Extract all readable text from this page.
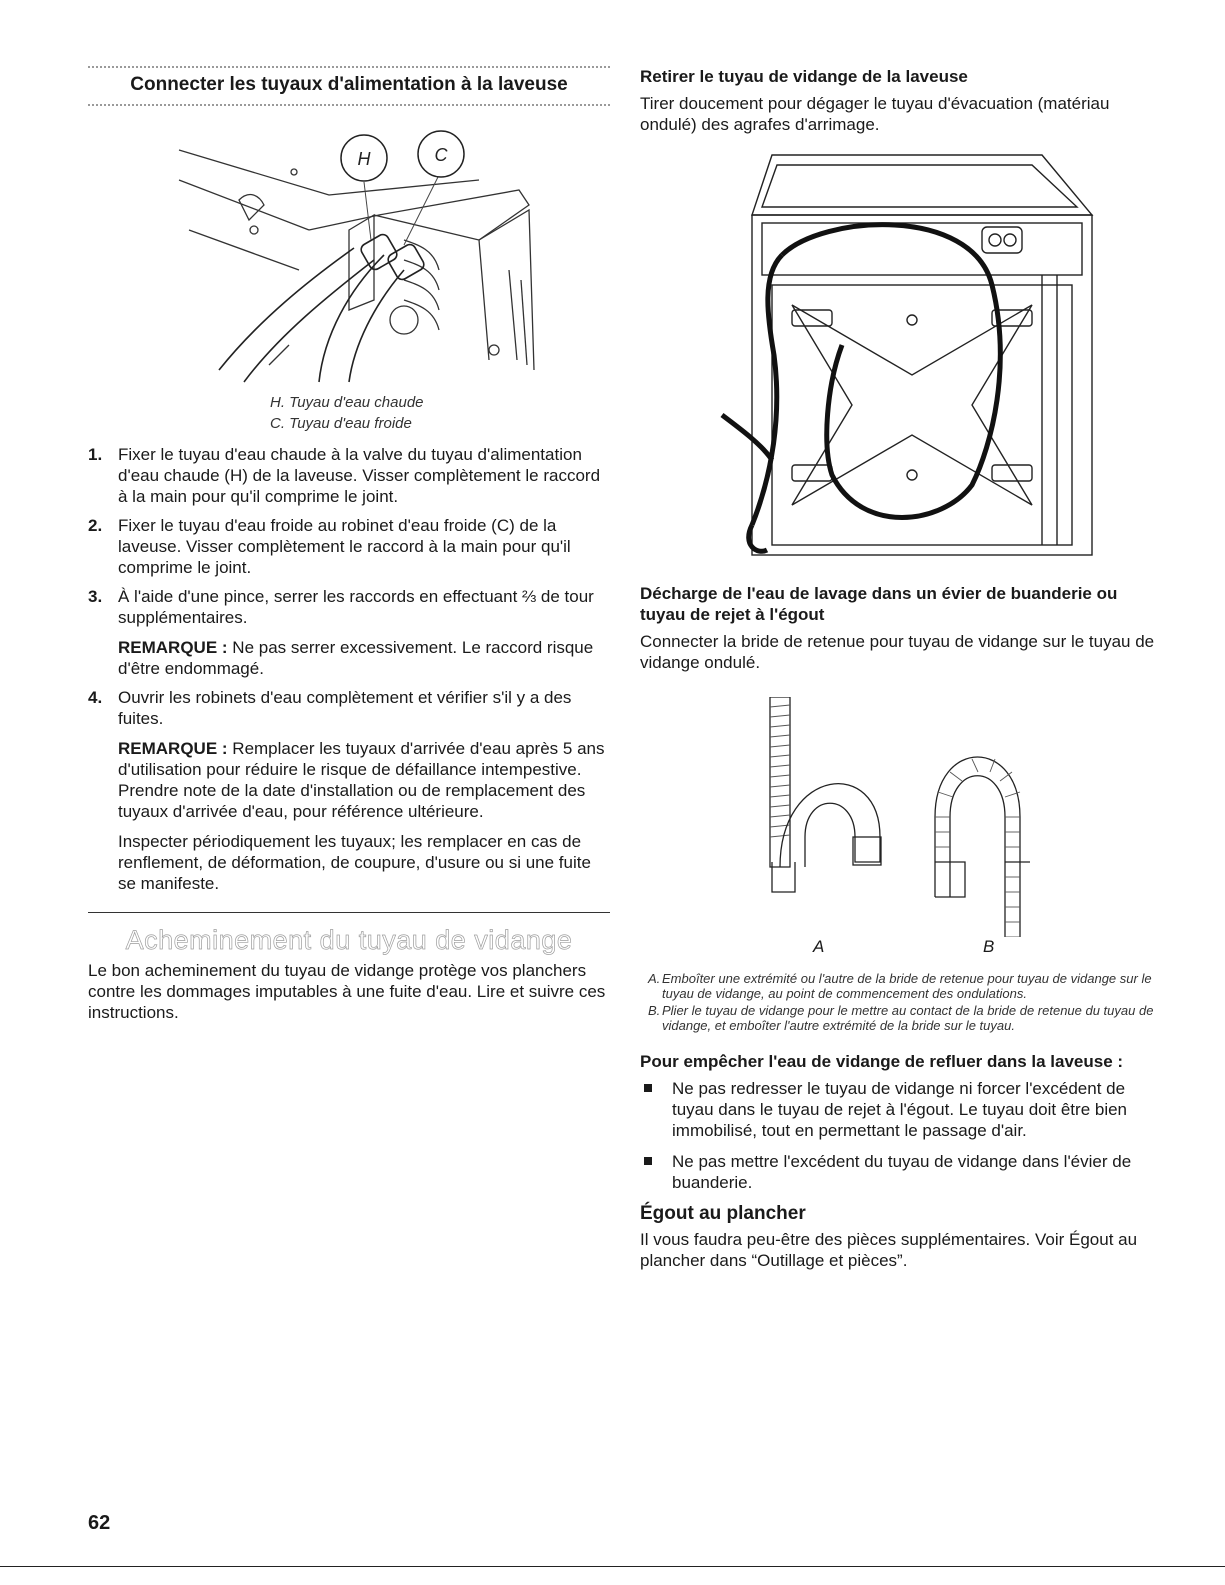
Connecter les tuyaux d'alimentation à la laveuse
H	C
H. Tuyau d'eau chaude
C. Tuyau d'eau froide
1. Fixer le tuyau d'eau chaude à la valve du tuyau d'alimentation d'eau chaude (H) de la laveuse. Visser complètement le raccord à la main pour qu'il comprime le joint.
2. Fixer le tuyau d'eau froide au robinet d'eau froide (C) de la laveuse. Visser complètement le raccord à la main pour qu'il comprime le joint.
3. À l'aide d'une pince, serrer les raccords en effectuant ⅔ de tour supplémentaires.
REMARQUE : Ne pas serrer excessivement. Le raccord risque d'être endommagé.
4. Ouvrir les robinets d'eau complètement et vérifier s'il y a des fuites.
REMARQUE : Remplacer les tuyaux d'arrivée d'eau après 5 ans d'utilisation pour réduire le risque de défaillance intempestive. Prendre note de la date d'installation ou de remplacement des tuyaux d'arrivée d'eau, pour référence ultérieure.
Inspecter périodiquement les tuyaux; les remplacer en cas de renflement, de déformation, de coupure, d'usure ou si une fuite se manifeste.
Acheminement du tuyau de vidange
Le bon acheminement du tuyau de vidange protège vos planchers contre les dommages imputables à une fuite d'eau. Lire et suivre ces instructions.
Retirer le tuyau de vidange de la laveuse
Tirer doucement pour dégager le tuyau d'évacuation (matériau ondulé) des agrafes d'arrimage.
Décharge de l'eau de lavage dans un évier de buanderie ou tuyau de rejet à l'égout
Connecter la bride de retenue pour tuyau de vidange sur le tuyau de vidange ondulé.
A	B
A. Emboîter une extrémité ou l'autre de la bride de retenue pour tuyau de vidange sur le tuyau de vidange, au point de commencement des ondulations.
B. Plier le tuyau de vidange pour le mettre au contact de la bride de retenue du tuyau de vidange, et emboîter l'autre extrémité de la bride sur le tuyau.
Pour empêcher l'eau de vidange de refluer dans la laveuse :
Ne pas redresser le tuyau de vidange ni forcer l'excédent de tuyau dans le tuyau de rejet à l'égout. Le tuyau doit être bien immobilisé, tout en permettant le passage d'air.
Ne pas mettre l'excédent du tuyau de vidange dans l'évier de buanderie.
Égout au plancher
Il vous faudra peu-être des pièces supplémentaires. Voir Égout au plancher dans “Outillage et pièces”.
62
